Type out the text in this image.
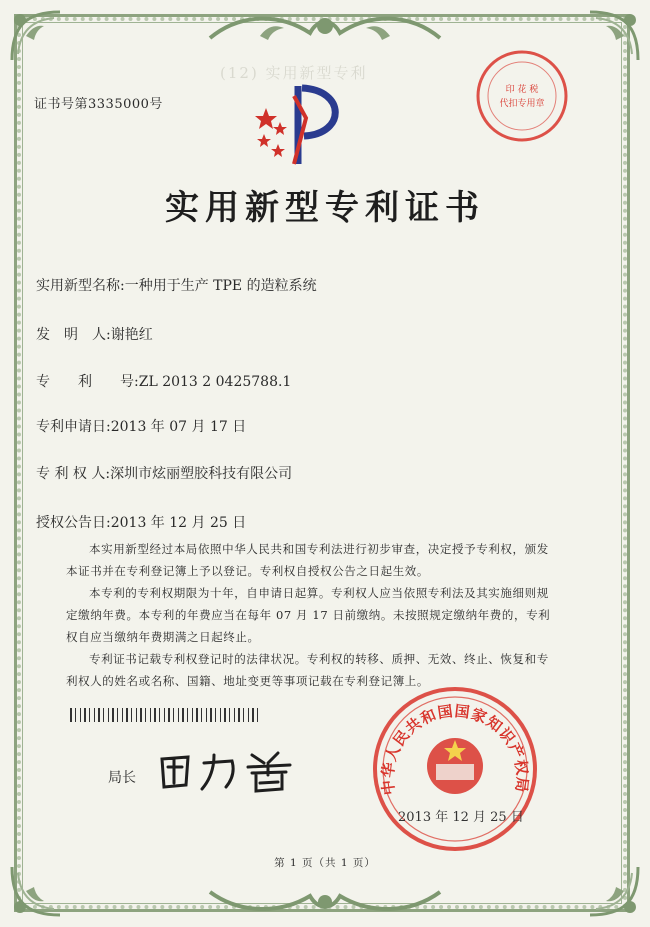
(12) 实用新型专利
证书号第3335000号
印 花 税
代扣专用章
实用新型专利证书
实用新型名称:一种用于生产 TPE 的造粒系统
发　明　人:谢艳红
专　　利　　号:ZL 2013 2 0425788.1
专利申请日:2013 年 07 月 17 日
专 利 权 人:深圳市炫丽塑胶科技有限公司
授权公告日:2013 年 12 月 25 日

本实用新型经过本局依照中华人民共和国专利法进行初步审查，决定授予专利权，颁发本证书并在专利登记簿上予以登记。专利权自授权公告之日起生效。

本专利的专利权期限为十年，自申请日起算。专利权人应当依照专利法及其实施细则规定缴纳年费。本专利的年费应当在每年 07 月 17 日前缴纳。未按照规定缴纳年费的，专利权自应当缴纳年费期满之日起终止。

专利证书记载专利权登记时的法律状况。专利权的转移、质押、无效、终止、恢复和专利权人的姓名或名称、国籍、地址变更等事项记载在专利登记簿上。

局长	中华人民共和国国家知识产权局
2013 年 12 月 25 日
第 1 页（共 1 页）
